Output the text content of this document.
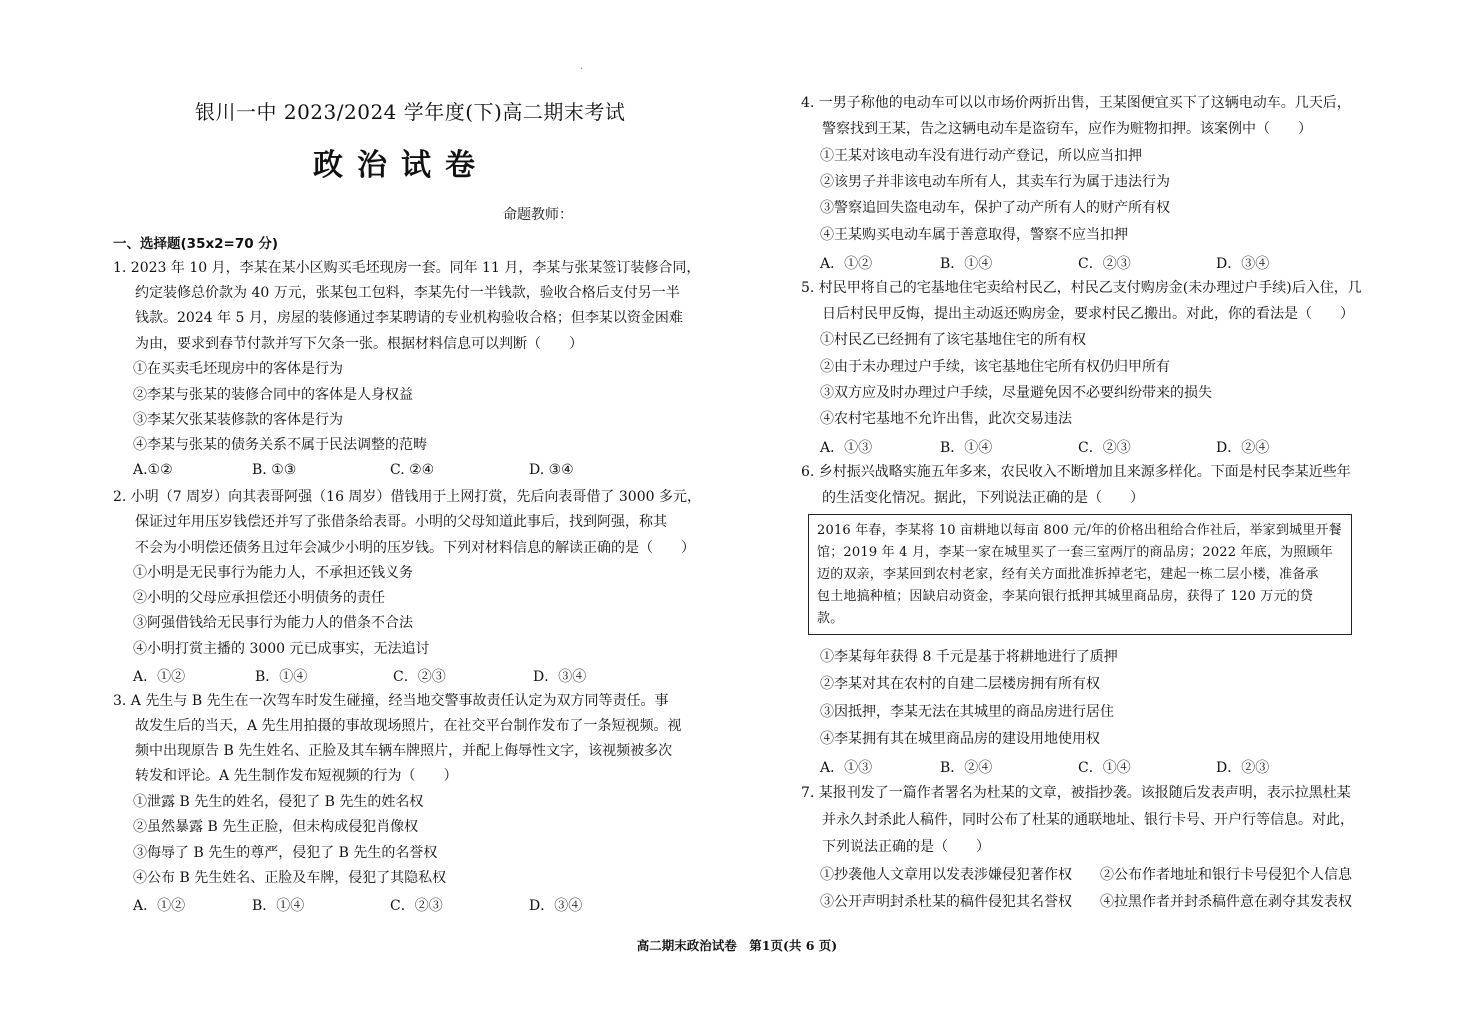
·
银川一中 2023/2024 学年度(下)高二期末考试
政治试卷
命题教师：
一、选择题(35x2=70 分)
1. 2023 年 10 月，李某在某小区购买毛坯现房一套。同年 11 月，李某与张某签订装修合同，
约定装修总价款为 40 万元，张某包工包料，李某先付一半钱款，验收合格后支付另一半
钱款。2024 年 5 月，房屋的装修通过李某聘请的专业机构验收合格；但李某以资金困难
为由，要求到春节付款并写下欠条一张。根据材料信息可以判断（　　）
①在买卖毛坯现房中的客体是行为
②李某与张某的装修合同中的客体是人身权益
③李某欠张某装修款的客体是行为
④李某与张某的债务关系不属于民法调整的范畴
A.①②	B. ①③	C. ②④	D. ③④
2. 小明（7 周岁）向其表哥阿强（16 周岁）借钱用于上网打赏，先后向表哥借了 3000 多元，
保证过年用压岁钱偿还并写了张借条给表哥。小明的父母知道此事后，找到阿强，称其
不会为小明偿还债务且过年会减少小明的压岁钱。下列对材料信息的解读正确的是（　　）
①小明是无民事行为能力人，不承担还钱义务
②小明的父母应承担偿还小明债务的责任
③阿强借钱给无民事行为能力人的借条不合法
④小明打赏主播的 3000 元已成事实，无法追讨
A．①②	B．①④	C．②③	D．③④
3. A 先生与 B 先生在一次驾车时发生碰撞，经当地交警事故责任认定为双方同等责任。事
故发生后的当天，A 先生用拍摄的事故现场照片，在社交平台制作发布了一条短视频。视
频中出现原告 B 先生姓名、正脸及其车辆车牌照片，并配上侮辱性文字，该视频被多次
转发和评论。A 先生制作发布短视频的行为（　　）
①泄露 B 先生的姓名，侵犯了 B 先生的姓名权
②虽然暴露 B 先生正脸，但未构成侵犯肖像权
③侮辱了 B 先生的尊严，侵犯了 B 先生的名誉权
④公布 B 先生姓名、正脸及车牌，侵犯了其隐私权
A．①②	B．①④	C．②③	D．③④
4. 一男子称他的电动车可以以市场价两折出售，王某图便宜买下了这辆电动车。几天后，
警察找到王某，告之这辆电动车是盗窃车，应作为赃物扣押。该案例中（　　）
①王某对该电动车没有进行动产登记，所以应当扣押
②该男子并非该电动车所有人，其卖车行为属于违法行为
③警察追回失盗电动车，保护了动产所有人的财产所有权
④王某购买电动车属于善意取得，警察不应当扣押
A．①②	B．①④	C．②③	D．③④
5. 村民甲将自己的宅基地住宅卖给村民乙，村民乙支付购房金(未办理过户手续)后入住，几
日后村民甲反悔，提出主动返还购房金，要求村民乙搬出。对此，你的看法是（　　）
①村民乙已经拥有了该宅基地住宅的所有权
②由于未办理过户手续，该宅基地住宅所有权仍归甲所有
③双方应及时办理过户手续，尽量避免因不必要纠纷带来的损失
④农村宅基地不允许出售，此次交易违法
A．①③	B．①④	C．②③	D．②④
6. 乡村振兴战略实施五年多来，农民收入不断增加且来源多样化。下面是村民李某近些年
的生活变化情况。据此，下列说法正确的是（　　）
2016 年春，李某将 10 亩耕地以每亩 800 元/年的价格出租给合作社后，举家到城里开餐
馆；2019 年 4 月，李某一家在城里买了一套三室两厅的商品房；2022 年底，为照顾年
迈的双亲，李某回到农村老家，经有关方面批准拆掉老宅，建起一栋二层小楼，准备承
包土地搞种植；因缺启动资金，李某向银行抵押其城里商品房，获得了 120 万元的贷
款。
①李某每年获得 8 千元是基于将耕地进行了质押
②李某对其在农村的自建二层楼房拥有所有权
③因抵押，李某无法在其城里的商品房进行居住
④李某拥有其在城里商品房的建设用地使用权
A．①③	B．②④	C．①④	D．②③
7. 某报刊发了一篇作者署名为杜某的文章，被指抄袭。该报随后发表声明，表示拉黑杜某
并永久封杀此人稿件，同时公布了杜某的通联地址、银行卡号、开户行等信息。对此，
下列说法正确的是（　　）
①抄袭他人文章用以发表涉嫌侵犯著作权　　②公布作者地址和银行卡号侵犯个人信息
③公开声明封杀杜某的稿件侵犯其名誉权　　④拉黑作者并封杀稿件意在剥夺其发表权
高二期末政治试卷　第1页(共 6 页)
